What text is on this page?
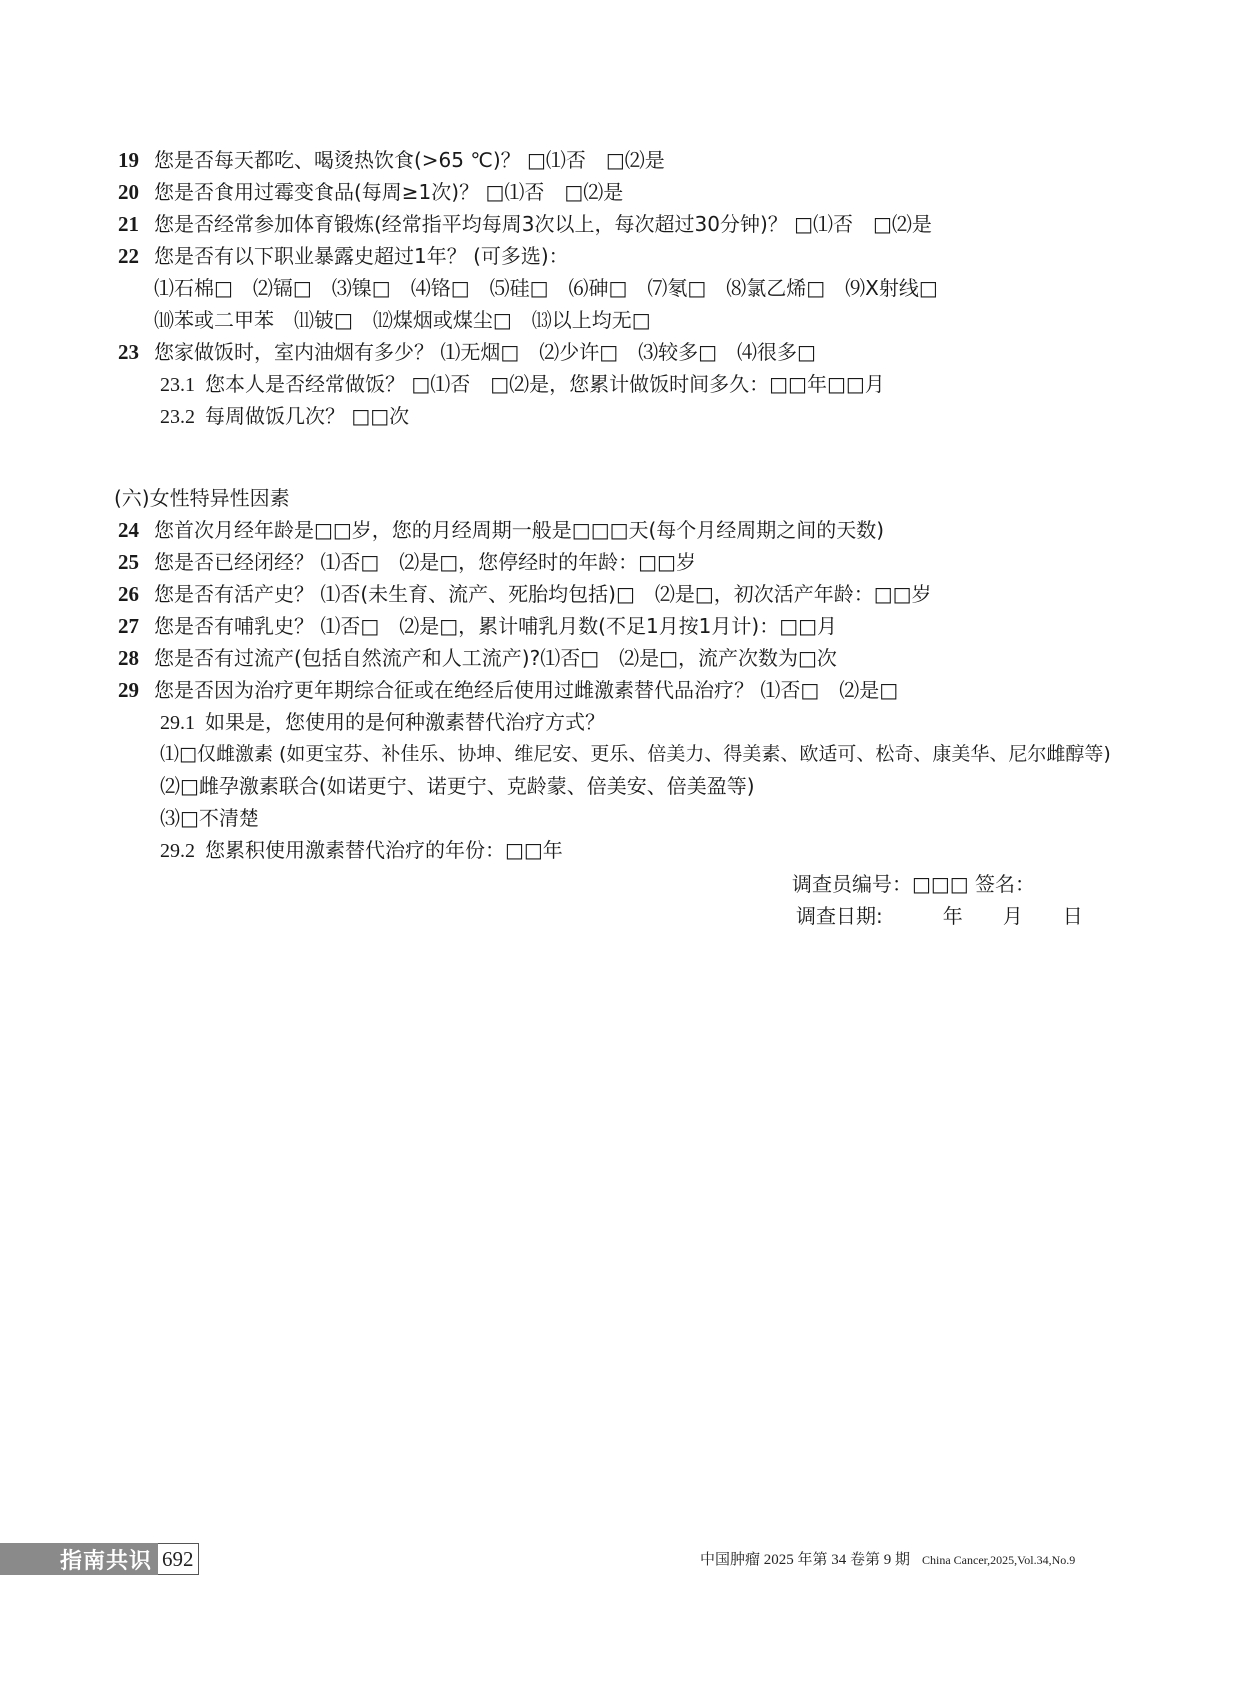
19 您是否每天都吃、喝烫热饮食(>65 ℃)？ □⑴否　□⑵是
20 您是否食用过霉变食品(每周≥1次)？ □⑴否　□⑵是
21 您是否经常参加体育锻炼(经常指平均每周3次以上，每次超过30分钟)？ □⑴否　□⑵是
22 您是否有以下职业暴露史超过1年？ (可多选)：
⑴石棉□　⑵镉□　⑶镍□　⑷铬□　⑸硅□　⑹砷□　⑺氡□　⑻氯乙烯□　⑼X射线□
⑽苯或二甲苯　⑾铍□　⑿煤烟或煤尘□　⒀以上均无□
23 您家做饭时，室内油烟有多少？ ⑴无烟□　⑵少许□　⑶较多□　⑷很多□
23.1 您本人是否经常做饭？ □⑴否　□⑵是，您累计做饭时间多久：□□年□□月
23.2 每周做饭几次？ □□次
(六)女性特异性因素
24 您首次月经年龄是□□岁，您的月经周期一般是□□□天(每个月经周期之间的天数)
25 您是否已经闭经？ ⑴否□　⑵是□，您停经时的年龄：□□岁
26 您是否有活产史？ ⑴否(未生育、流产、死胎均包括)□　⑵是□，初次活产年龄：□□岁
27 您是否有哺乳史？ ⑴否□　⑵是□，累计哺乳月数(不足1月按1月计)：□□月
28 您是否有过流产(包括自然流产和人工流产)?⑴否□　⑵是□，流产次数为□次
29 您是否因为治疗更年期综合征或在绝经后使用过雌激素替代品治疗？ ⑴否□　⑵是□
29.1 如果是，您使用的是何种激素替代治疗方式？
⑴□仅雌激素 (如更宝芬、补佳乐、协坤、维尼安、更乐、倍美力、得美素、欧适可、松奇、康美华、尼尔雌醇等)
⑵□雌孕激素联合(如诺更宁、诺更宁、克龄蒙、倍美安、倍美盈等)
⑶□不清楚
29.2 您累积使用激素替代治疗的年份：□□年
调查员编号：□□□ 签名：
调查日期:　　　年　　月　　日
指南共识 692	中国肿瘤 2025 年第 34 卷第 9 期 China Cancer,2025,Vol.34,No.9
